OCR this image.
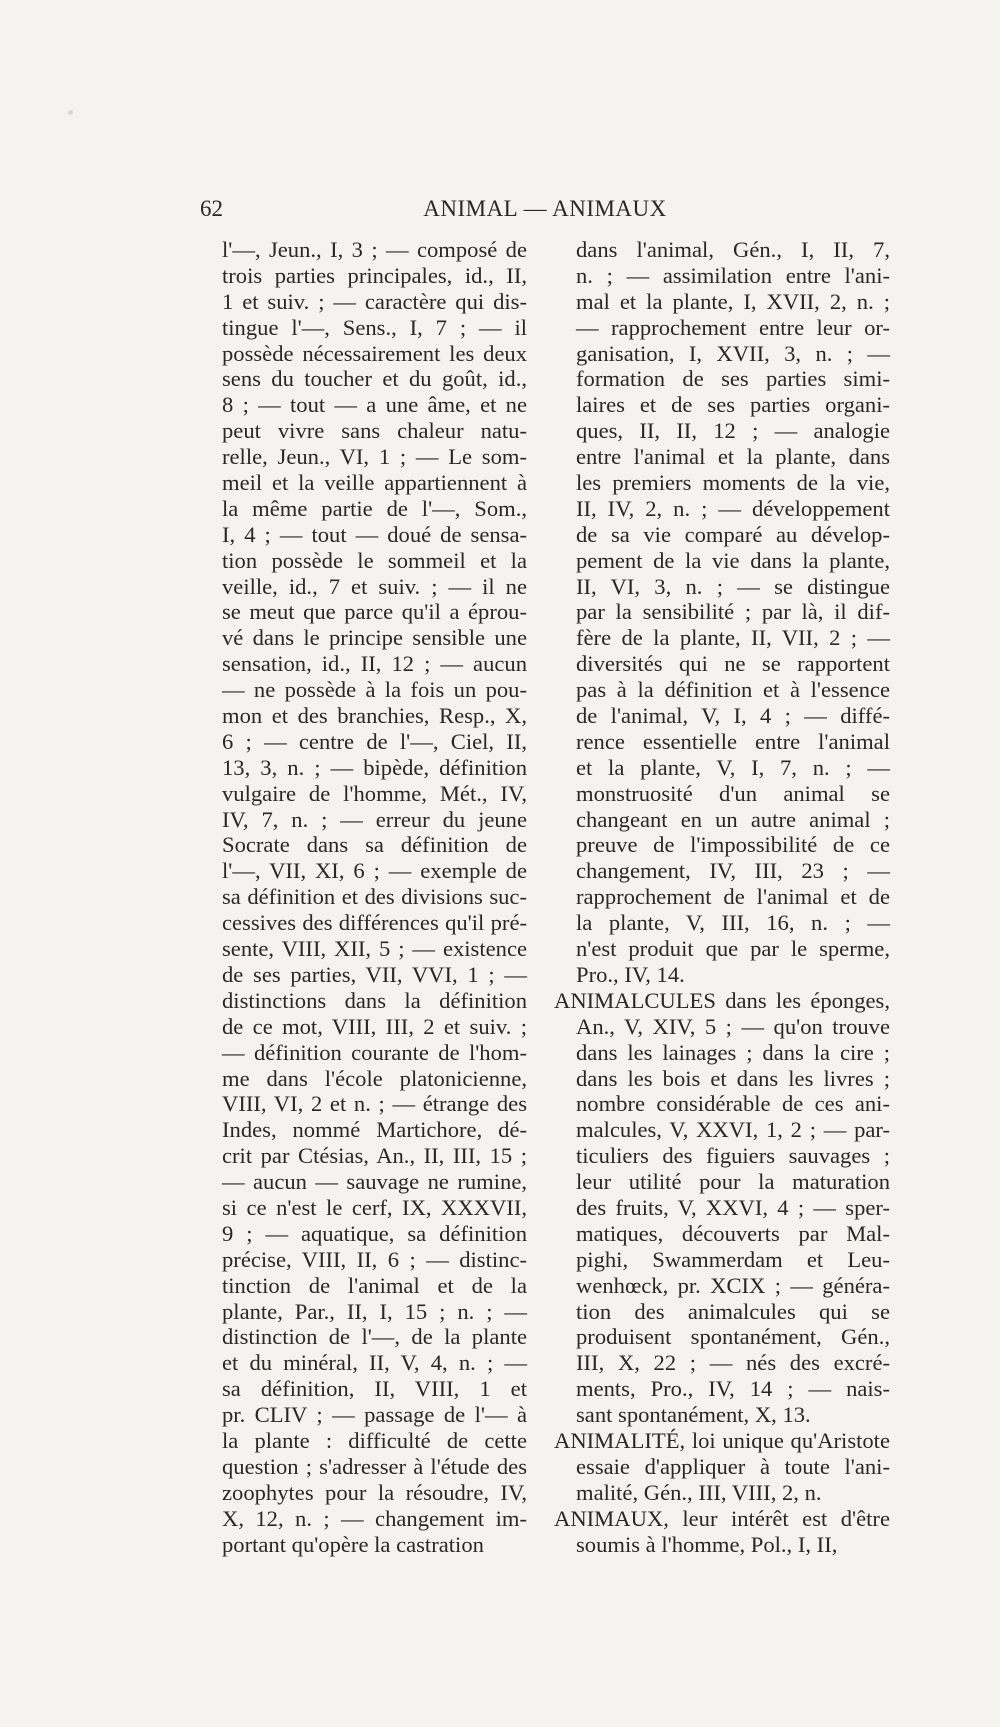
62	ANIMAL — ANIMAUX
l'—, Jeun., I, 3 ; — composé de
trois parties principales, id., II,
1 et suiv. ; — caractère qui dis-
tingue l'—, Sens., I, 7 ; — il
possède nécessairement les deux
sens du toucher et du goût, id.,
8 ; — tout — a une âme, et ne
peut vivre sans chaleur natu-
relle, Jeun., VI, 1 ; — Le som-
meil et la veille appartiennent à
la même partie de l'—, Som.,
I, 4 ; — tout — doué de sensa-
tion possède le sommeil et la
veille, id., 7 et suiv. ; — il ne
se meut que parce qu'il a éprou-
vé dans le principe sensible une
sensation, id., II, 12 ; — aucun
— ne possède à la fois un pou-
mon et des branchies, Resp., X,
6 ; — centre de l'—, Ciel, II,
13, 3, n. ; — bipède, définition
vulgaire de l'homme, Mét., IV,
IV, 7, n. ; — erreur du jeune
Socrate dans sa définition de
l'—, VII, XI, 6 ; — exemple de
sa définition et des divisions suc-
cessives des différences qu'il pré-
sente, VIII, XII, 5 ; — existence
de ses parties, VII, VVI, 1 ; —
distinctions dans la définition
de ce mot, VIII, III, 2 et suiv. ;
— définition courante de l'hom-
me dans l'école platonicienne,
VIII, VI, 2 et n. ; — étrange des
Indes, nommé Martichore, dé-
crit par Ctésias, An., II, III, 15 ;
— aucun — sauvage ne rumine,
si ce n'est le cerf, IX, XXXVII,
9 ; — aquatique, sa définition
précise, VIII, II, 6 ; — distinc-
tinction de l'animal et de la
plante, Par., II, I, 15 ; n. ; —
distinction de l'—, de la plante
et du minéral, II, V, 4, n. ; —
sa définition, II, VIII, 1 et
pr. CLIV ; — passage de l'— à
la plante : difficulté de cette
question ; s'adresser à l'étude des
zoophytes pour la résoudre, IV,
X, 12, n. ; — changement im-
portant qu'opère la castration
dans l'animal, Gén., I, II, 7,
n. ; — assimilation entre l'ani-
mal et la plante, I, XVII, 2, n. ;
— rapprochement entre leur or-
ganisation, I, XVII, 3, n. ; —
formation de ses parties simi-
laires et de ses parties organi-
ques, II, II, 12 ; — analogie
entre l'animal et la plante, dans
les premiers moments de la vie,
II, IV, 2, n. ; — développement
de sa vie comparé au dévelop-
pement de la vie dans la plante,
II, VI, 3, n. ; — se distingue
par la sensibilité ; par là, il dif-
fère de la plante, II, VII, 2 ; —
diversités qui ne se rapportent
pas à la définition et à l'essence
de l'animal, V, I, 4 ; — diffé-
rence essentielle entre l'animal
et la plante, V, I, 7, n. ; —
monstruosité d'un animal se
changeant en un autre animal ;
preuve de l'impossibilité de ce
changement, IV, III, 23 ; —
rapprochement de l'animal et de
la plante, V, III, 16, n. ; —
n'est produit que par le sperme,
Pro., IV, 14.
ANIMALCULES dans les éponges,
An., V, XIV, 5 ; — qu'on trouve
dans les lainages ; dans la cire ;
dans les bois et dans les livres ;
nombre considérable de ces ani-
malcules, V, XXVI, 1, 2 ; — par-
ticuliers des figuiers sauvages ;
leur utilité pour la maturation
des fruits, V, XXVI, 4 ; — sper-
matiques, découverts par Mal-
pighi, Swammerdam et Leu-
wenhœck, pr. XCIX ; — généra-
tion des animalcules qui se
produisent spontanément, Gén.,
III, X, 22 ; — nés des excré-
ments, Pro., IV, 14 ; — nais-
sant spontanément, X, 13.
ANIMALITÉ, loi unique qu'Aristote
essaie d'appliquer à toute l'ani-
malité, Gén., III, VIII, 2, n.
ANIMAUX, leur intérêt est d'être
soumis à l'homme, Pol., I, II,
